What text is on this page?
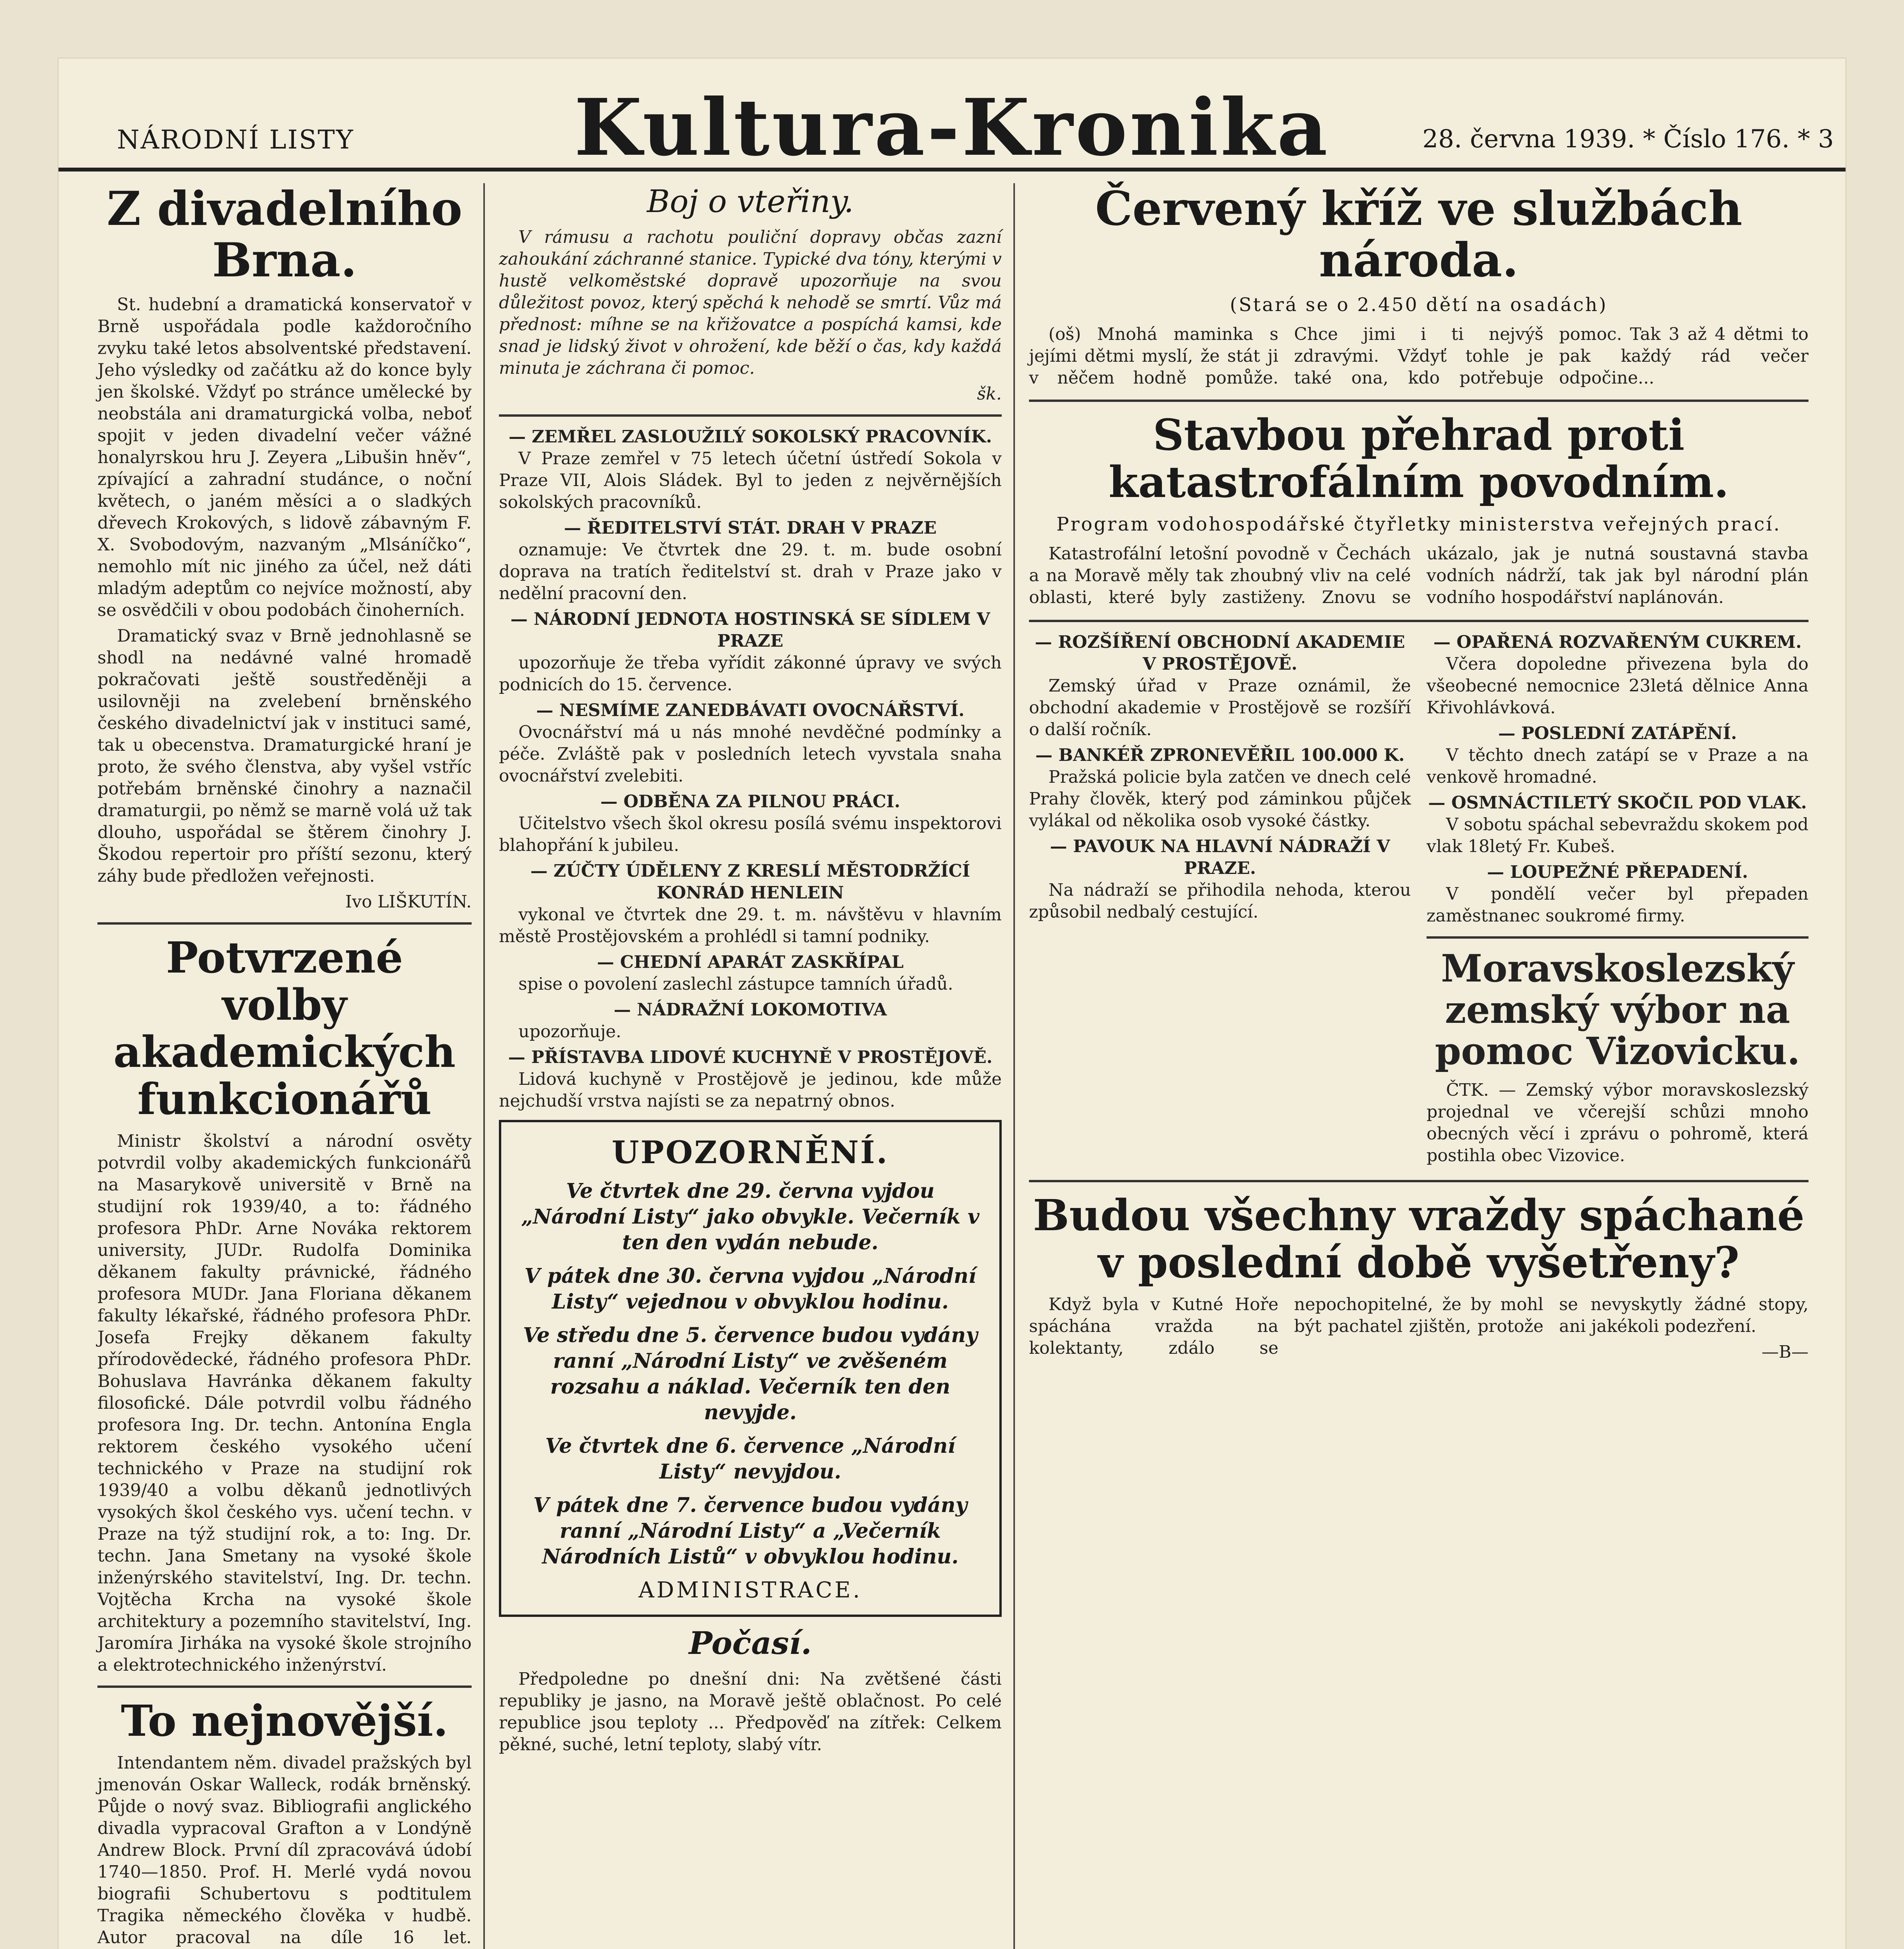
NÁRODNÍ LISTY	Kultura-Kronika	28. června 1939. * Číslo 176. * 3
Z divadelního Brna.

St. hudební a dramatická konservatoř v Brně uspořádala podle každoročního zvyku také letos absolventské představení. Jeho výsledky od začátku až do konce byly jen školské. Vždyť po stránce umělecké by neobstála ani dramaturgická volba, neboť spojit v jeden divadelní večer vážné honalyrskou hru J. Zeyera „Libušin hněv“, zpívající a zahradní studánce, o noční květech, o janém měsíci a o sladkých dřevech Krokových, s lidově zábavným F. X. Svobodovým, nazvaným „Mlsáníčko“, nemohlo mít nic jiného za účel, než dáti mladým adeptům co nejvíce možností, aby se osvědčili v obou podobách činoherních.

Dramatický svaz v Brně jednohlasně se shodl na nedávné valné hromadě pokračovati ještě soustředěněji a usilovněji na zvelebení brněnského českého divadelnictví jak v instituci samé, tak u obecenstva. Dramaturgické hraní je proto, že svého členstva, aby vyšel vstříc potřebám brněnské činohry a naznačil dramaturgii, po němž se marně volá už tak dlouho, uspořádal se štěrem činohry J. Škodou repertoir pro příští sezonu, který záhy bude předložen veřejnosti.

Ivo LIŠKUTÍN.
Potvrzené volby akademických funkcionářů

Ministr školství a národní osvěty potvrdil volby akademických funkcionářů na Masarykově universitě v Brně na studijní rok 1939/40, a to: řádného profesora PhDr. Arne Nováka rektorem university, JUDr. Rudolfa Dominika děkanem fakulty právnické, řádného profesora MUDr. Jana Floriana děkanem fakulty lékařské, řádného profesora PhDr. Josefa Frejky děkanem fakulty přírodovědecké, řádného profesora PhDr. Bohuslava Havránka děkanem fakulty filosofické. Dále potvrdil volbu řádného profesora Ing. Dr. techn. Antonína Engla rektorem českého vysokého učení technického v Praze na studijní rok 1939/40 a volbu děkanů jednotlivých vysokých škol českého vys. učení techn. v Praze na týž studijní rok, a to: Ing. Dr. techn. Jana Smetany na vysoké škole inženýrského stavitelství, Ing. Dr. techn. Vojtěcha Krcha na vysoké škole architektury a pozemního stavitelství, Ing. Jaromíra Jirháka na vysoké škole strojního a elektrotechnického inženýrství.

To nejnovější.

Intendantem něm. divadel pražských byl jmenován Oskar Walleck, rodák brněnský. Půjde o nový svaz. Bibliografii anglického divadla vypracoval Grafton a v Londýně Andrew Block. První díl zpracovává údobí 1740—1850. Prof. H. Merlé vydá novou biografii Schubertovu s podtitulem Tragika německého člověka v hudbě. Autor pracoval na díle 16 let.

Boj o vteřiny.

V rámusu a rachotu pouliční dopravy občas zazní zahoukání záchranné stanice. Typické dva tóny, kterými v hustě velkoměstské dopravě upozorňuje na svou důležitost povoz, který spěchá k nehodě se smrtí. Vůz má přednost: míhne se na křižovatce a pospíchá kamsi, kde snad je lidský život v ohrožení, kde běží o čas, kdy každá minuta je záchrana či pomoc.

šk.
— ZEMŘEL ZASLOUŽILÝ SOKOLSKÝ PRACOVNÍK.

V Praze zemřel v 75 letech účetní ústředí Sokola v Praze VII, Alois Sládek. Byl to jeden z nejvěrnějších sokolských pracovníků.

— ŘEDITELSTVÍ STÁT. DRAH V PRAZE

oznamuje: Ve čtvrtek dne 29. t. m. bude osobní doprava na tratích ředitelství st. drah v Praze jako v nedělní pracovní den.

— NÁRODNÍ JEDNOTA HOSTINSKÁ SE SÍDLEM V PRAZE

upozorňuje že třeba vyřídit zákonné úpravy ve svých podnicích do 15. července.

— NESMÍME ZANEDBÁVATI OVOCNÁŘSTVÍ.

Ovocnářství má u nás mnohé nevděčné podmínky a péče. Zvláště pak v posledních letech vyvstala snaha ovocnářství zvelebiti.

— ODBĚNA ZA PILNOU PRÁCI.

Učitelstvo všech škol okresu posílá svému inspektorovi blahopřání k jubileu.

— ZÚČTY ÚDĚLENY Z KRESLÍ MĚSTODRŽÍCÍ KONRÁD HENLEIN

vykonal ve čtvrtek dne 29. t. m. návštěvu v hlavním městě Prostějovském a prohlédl si tamní podniky.

— CHEDNÍ APARÁT ZASKŘÍPAL

spise o povolení zaslechl zástupce tamních úřadů.

— NÁDRAŽNÍ LOKOMOTIVA

upozorňuje.

— PŘÍSTAVBA LIDOVÉ KUCHYNĚ V PROSTĚJOVĚ.

Lidová kuchyně v Prostějově je jedinou, kde může nejchudší vrstva najísti se za nepatrný obnos.

UPOZORNĚNÍ.

Ve čtvrtek dne 29. června vyjdou „Národní Listy“ jako obvykle. Večerník v ten den vydán nebude.

V pátek dne 30. června vyjdou „Národní Listy“ vejednou v obvyklou hodinu.

Ve středu dne 5. července budou vydány ranní „Národní Listy“ ve zvěšeném rozsahu a náklad. Večerník ten den nevyjde.

Ve čtvrtek dne 6. července „Národní Listy“ nevyjdou.

V pátek dne 7. července budou vydány ranní „Národní Listy“ a „Večerník Národních Listů“ v obvyklou hodinu.

ADMINISTRACE.
Počasí.

Předpoledne po dnešní dni: Na zvětšené části republiky je jasno, na Moravě ještě oblačnost. Po celé republice jsou teploty ... Předpověď na zítřek: Celkem pěkné, suché, letní teploty, slabý vítr.

Červený kříž ve službách národa.
(Stará se o 2.450 dětí na osadách)

(oš) Mnohá maminka s jejími dětmi myslí, že stát ji v něčem hodně pomůže. Chce jimi i ti nejvýš zdravými. Vždyť tohle je také ona, kdo potřebuje pomoc. Tak 3 až 4 dětmi to pak každý rád večer odpočine...

Stavbou přehrad proti katastrofálním povodním.
Program vodohospodářské čtyřletky ministerstva veřejných prací.

Katastrofální letošní povodně v Čechách a na Moravě měly tak zhoubný vliv na celé oblasti, které byly zastiženy. Znovu se ukázalo, jak je nutná soustavná stavba vodních nádrží, tak jak byl národní plán vodního hospodářství naplánován.

— ROZŠÍŘENÍ OBCHODNÍ AKADEMIE V PROSTĚJOVĚ.

Zemský úřad v Praze oznámil, že obchodní akademie v Prostějově se rozšíří o další ročník.

— BANKÉŘ ZPRONEVĚŘIL 100.000 K.

Pražská policie byla zatčen ve dnech celé Prahy člověk, který pod záminkou půjček vylákal od několika osob vysoké částky.

— PAVOUK NA HLAVNÍ NÁDRAŽÍ V PRAZE.

Na nádraží se přihodila nehoda, kterou způsobil nedbalý cestující.

— OPAŘENÁ ROZVAŘENÝM CUKREM.

Včera dopoledne přivezena byla do všeobecné nemocnice 23letá dělnice Anna Křivohlávková.

— POSLEDNÍ ZATÁPĚNÍ.

V těchto dnech zatápí se v Praze a na venkově hromadné.

— OSMNÁCTILETÝ SKOČIL POD VLAK.

V sobotu spáchal sebevraždu skokem pod vlak 18letý Fr. Kubeš.

— LOUPEŽNÉ PŘEPADENÍ.

V pondělí večer byl přepaden zaměstnanec soukromé firmy.

Moravskoslezský zemský výbor na pomoc Vizovicku.

ČTK. — Zemský výbor moravskoslezský projednal ve včerejší schůzi mnoho obecných věcí i zprávu o pohromě, která postihla obec Vizovice.

Budou všechny vraždy spáchané v poslední době vyšetřeny?

Když byla v Kutné Hoře spáchána vražda na kolektanty, zdálo se nepochopitelné, že by mohl být pachatel zjištěn, protože se nevyskytly žádné stopy, ani jakékoli podezření.

—B—
